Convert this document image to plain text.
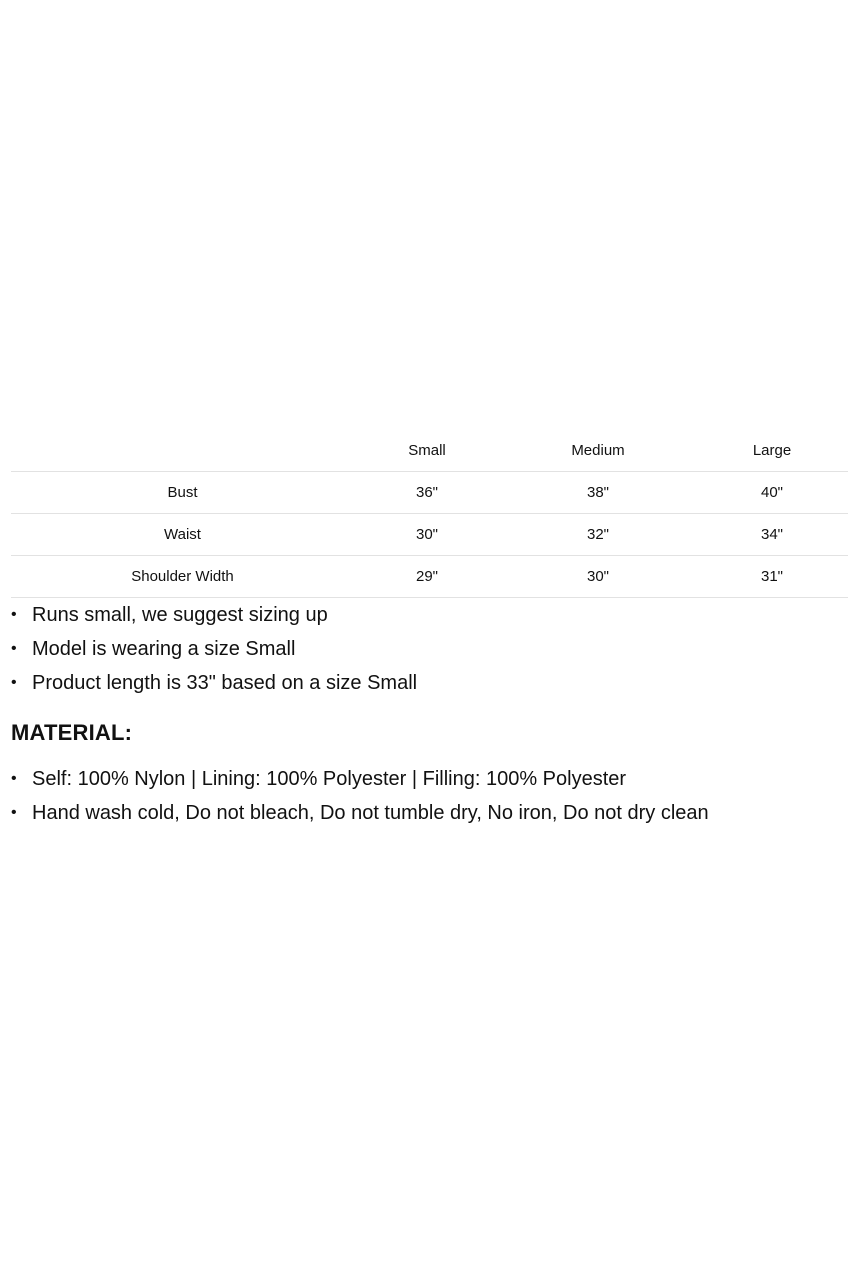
	Small	Medium	Large
Bust	36"	38"	40"
Waist	30"	32"	34"
Shoulder Width	29"	30"	31"
• Runs small, we suggest sizing up
• Model is wearing a size Small
• Product length is 33" based on a size Small
MATERIAL:
• Self: 100% Nylon | Lining: 100% Polyester | Filling: 100% Polyester
• Hand wash cold, Do not bleach, Do not tumble dry, No iron, Do not dry clean
